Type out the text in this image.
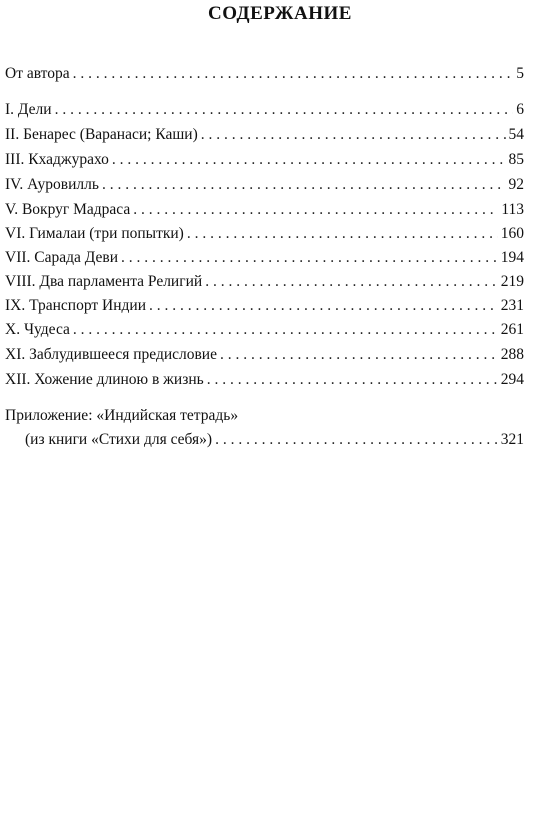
СОДЕРЖАНИЕ
От автора . . .	5
I. Дели . . .	6
II. Бенарес (Варанаси; Каши) . . .	54
III. Кхаджурахо . . .	85
IV. Ауровилль . . .	92
V. Вокруг Мадраса . . .	113
VI. Гималаи (три попытки) . . .	160
VII. Сарада Деви . . .	194
VIII. Два парламента Религий . . .	219
IX. Транспорт Индии . . .	231
X. Чудеса . . .	261
XI. Заблудившееся предисловие . . .	288
XII. Хожение длиною в жизнь . . .	294
Приложение: «Индийская тетрадь»
(из книги «Стихи для себя») . . .	321
